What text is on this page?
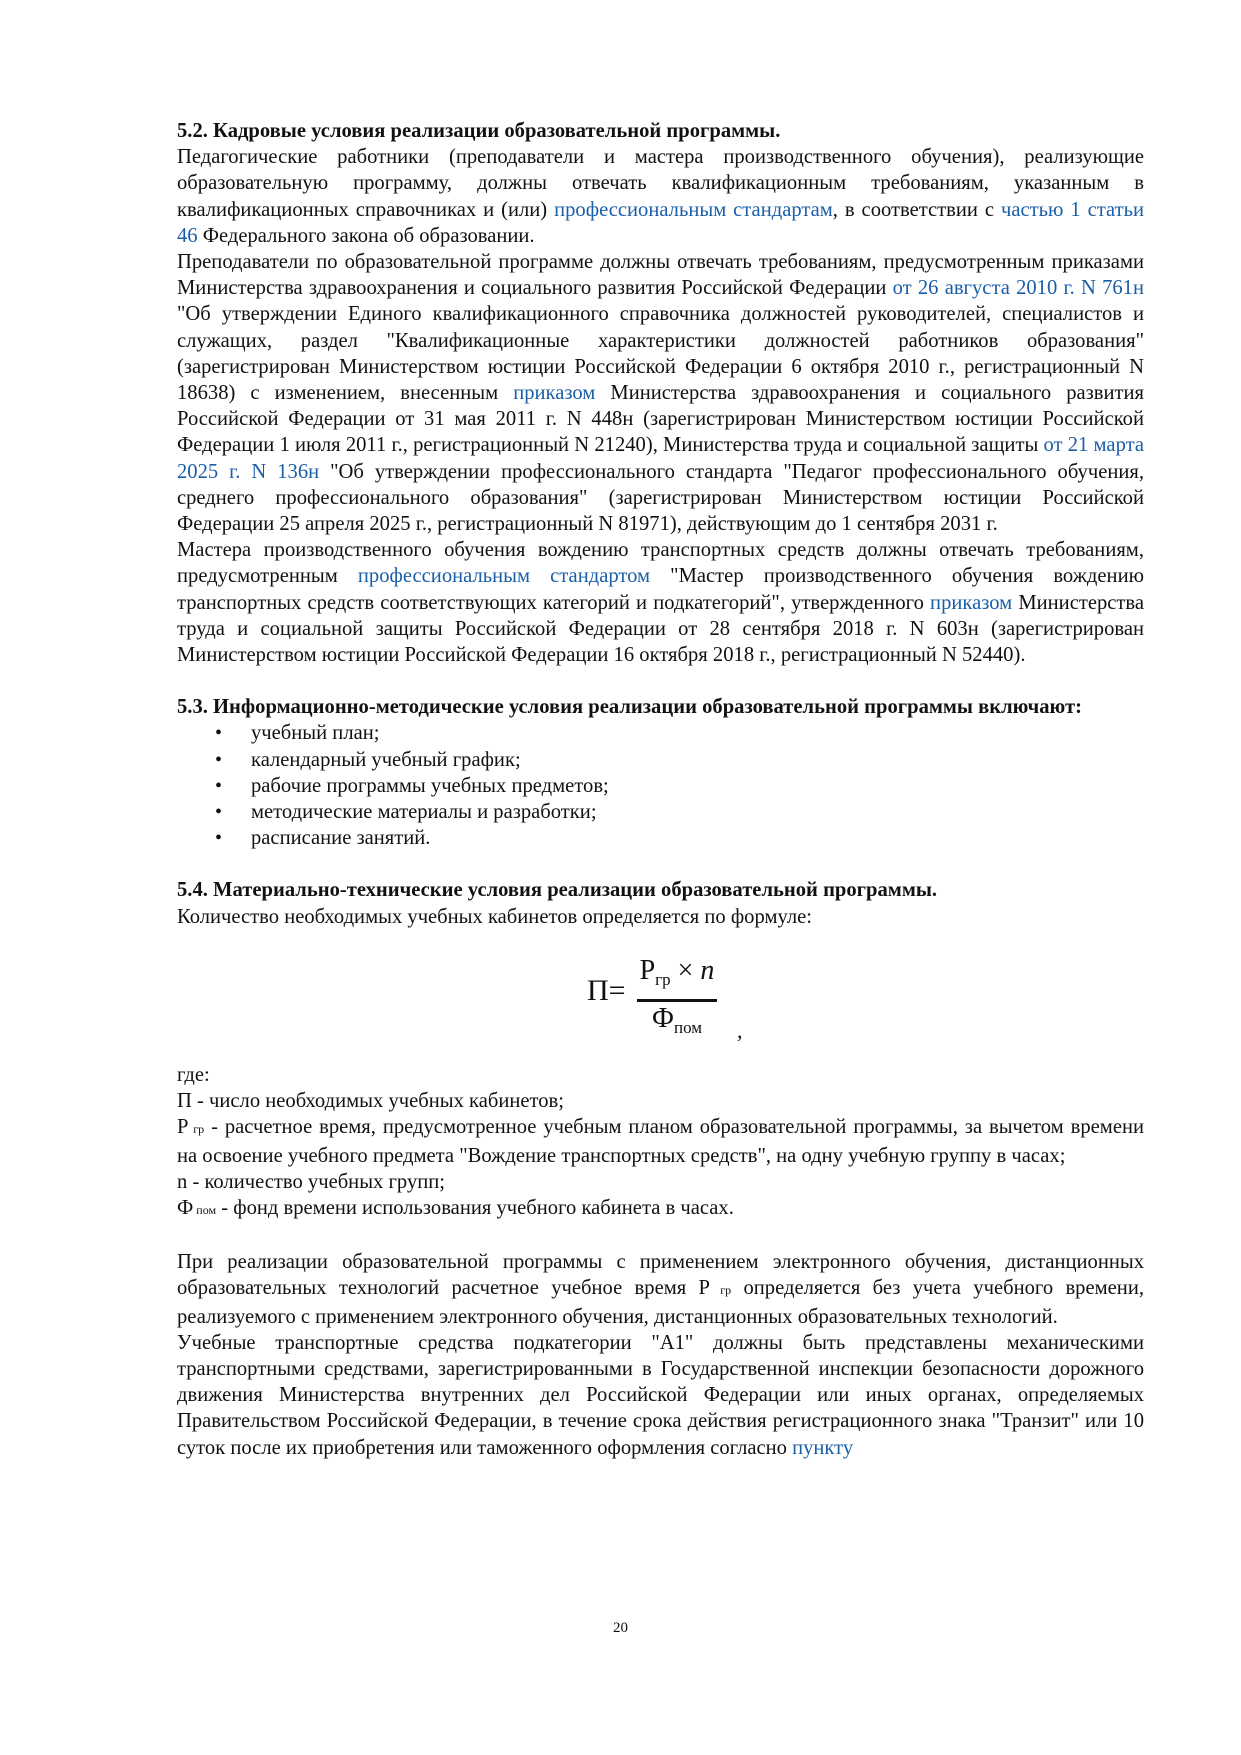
5.2. Кадровые условия реализации образовательной программы.

Педагогические работники (преподаватели и мастера производственного обучения), реализующие образовательную программу, должны отвечать квалификационным требованиям, указанным в квалификационных справочниках и (или) профессиональным стандартам, в соответствии с частью 1 статьи 46 Федерального закона об образовании.

Преподаватели по образовательной программе должны отвечать требованиям, предусмотренным приказами Министерства здравоохранения и социального развития Российской Федерации от 26 августа 2010 г. N 761н "Об утверждении Единого квалификационного справочника должностей руководителей, специалистов и служащих, раздел "Квалификационные характеристики должностей работников образования" (зарегистрирован Министерством юстиции Российской Федерации 6 октября 2010 г., регистрационный N 18638) с изменением, внесенным приказом Министерства здравоохранения и социального развития Российской Федерации от 31 мая 2011 г. N 448н (зарегистрирован Министерством юстиции Российской Федерации 1 июля 2011 г., регистрационный N 21240), Министерства труда и социальной защиты от 21 марта 2025 г. N 136н "Об утверждении профессионального стандарта "Педагог профессионального обучения, среднего профессионального образования" (зарегистрирован Министерством юстиции Российской Федерации 25 апреля 2025 г., регистрационный N 81971), действующим до 1 сентября 2031 г.

Мастера производственного обучения вождению транспортных средств должны отвечать требованиям, предусмотренным профессиональным стандартом "Мастер производственного обучения вождению транспортных средств соответствующих категорий и подкатегорий", утвержденного приказом Министерства труда и социальной защиты Российской Федерации от 28 сентября 2018 г. N 603н (зарегистрирован Министерством юстиции Российской Федерации 16 октября 2018 г., регистрационный N 52440).

5.3. Информационно-методические условия реализации образовательной программы включают:

• учебный план;
• календарный учебный график;
• рабочие программы учебных предметов;
• методические материалы и разработки;
• расписание занятий.

5.4. Материально-технические условия реализации образовательной программы.

Количество необходимых учебных кабинетов определяется по формуле:

П=
$Р_{гр} \times n$
$Ф_{пом}$	,

где:

П - число необходимых учебных кабинетов;

Р гр - расчетное время, предусмотренное учебным планом образовательной программы, за вычетом времени на освоение учебного предмета "Вождение транспортных средств", на одну учебную группу в часах;

n - количество учебных групп;

Ф пом - фонд времени использования учебного кабинета в часах.

При реализации образовательной программы с применением электронного обучения, дистанционных образовательных технологий расчетное учебное время Р гр определяется без учета учебного времени, реализуемого с применением электронного обучения, дистанционных образовательных технологий.

Учебные транспортные средства подкатегории "А1" должны быть представлены механическими транспортными средствами, зарегистрированными в Государственной инспекции безопасности дорожного движения Министерства внутренних дел Российской Федерации или иных органах, определяемых Правительством Российской Федерации, в течение срока действия регистрационного знака "Транзит" или 10 суток после их приобретения или таможенного оформления согласно пункту

20
